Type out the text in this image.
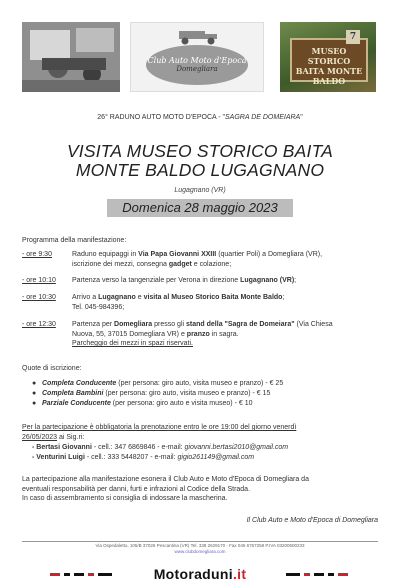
Club Auto Moto d'Epoca
Domegliara
7
MUSEO STORICO
BAITA MONTE BALDO
26° RADUNO AUTO MOTO D'EPOCA - "SAGRA DE DOMEIARA"
VISITA MUSEO STORICO BAITA
MONTE BALDO LUGAGNANO
Lugagnano (VR)
Domenica 28 maggio 2023
Programma della manifestazione:
- ore 9:30	Raduno equipaggi in Via Papa Giovanni XXIII (quartier Poli) a Domegliara (VR),
iscrizione dei mezzi, consegna gadget e colazione;
- ore 10:10	Partenza verso la tangenziale per Verona in direzione Lugagnano (VR);
- ore 10:30	Arrivo a Lugagnano e visita al Museo Storico Baita Monte Baldo;
Tel. 045-984396;
- ore 12:30	Partenza per Domegliara presso gli stand della "Sagra de Domeiara" (Via Chiesa
Nuova, 55, 37015 Domegliara VR) e pranzo in sagra.
Parcheggio dei mezzi in spazi riservati.
Quote di iscrizione:
● Completa Conducente (per persona: giro auto, visita museo e pranzo) - € 25
● Completa Bambini (per persona: giro auto, visita museo e pranzo) - € 15
● Parziale Conducente (per persona: giro auto e visita museo) - € 10
Per la partecipazione è obbligatoria la prenotazione entro le ore 19:00 del giorno venerdì
26/05/2023 ai Sig.ri:
- Bertasi Giovanni - cell.: 347 6869846 - e-mail: giovanni.bertasi2010@gmail.com
- Venturini Luigi - cell.: 333 5448207 - e-mail: gigio261149@gmail.com
La partecipazione alla manifestazione esonera il Club Auto e Moto d'Epoca di Domegliara da
eventuali responsabilità per danni, furti e infrazioni al Codice della Strada.
In caso di assembramento si consiglia di indossare la mascherina.
Il Club Auto e Moto d'Epoca di Domegliara
Via Ospedaletto, 105/B 37026 Pescantina (VR) Tel. 338 2629170 - Fax 045 6767258 P.IVA 03200500233
www.clubdomegliara.com
Motoraduni.it
